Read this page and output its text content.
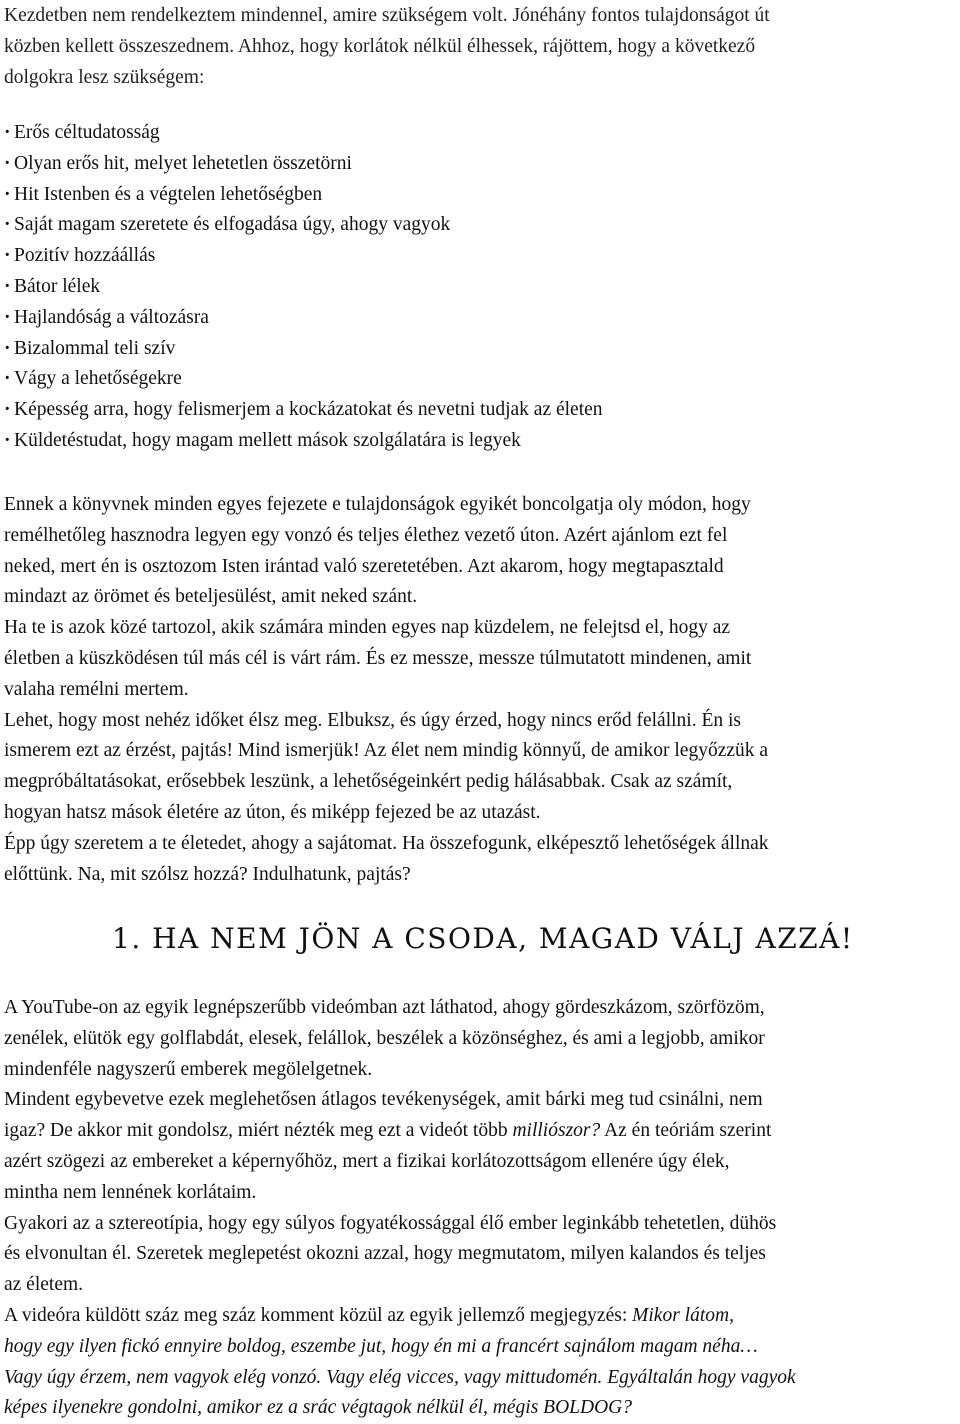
Kezdetben nem rendelkeztem mindennel, amire szükségem volt. Jónéhány fontos tulajdonságot út

közben kellett összeszednem. Ahhoz, hogy korlátok nélkül élhessek, rájöttem, hogy a következő

dolgokra lesz szükségem:

· Erős céltudatosság
· Olyan erős hit, melyet lehetetlen összetörni
· Hit Istenben és a végtelen lehetőségben
· Saját magam szeretete és elfogadása úgy, ahogy vagyok
· Pozitív hozzáállás
· Bátor lélek
· Hajlandóság a változásra
· Bizalommal teli szív
· Vágy a lehetőségekre
· Képesség arra, hogy felismerjem a kockázatokat és nevetni tudjak az életen
· Küldetéstudat, hogy magam mellett mások szolgálatára is legyek

Ennek a könyvnek minden egyes fejezete e tulajdonságok egyikét boncolgatja oly módon, hogy

remélhetőleg hasznodra legyen egy vonzó és teljes élethez vezető úton. Azért ajánlom ezt fel

neked, mert én is osztozom Isten irántad való szeretetében. Azt akarom, hogy megtapasztald

mindazt az örömet és beteljesülést, amit neked szánt.

Ha te is azok közé tartozol, akik számára minden egyes nap küzdelem, ne felejtsd el, hogy az

életben a küszködésen túl más cél is várt rám. És ez messze, messze túlmutatott mindenen, amit

valaha remélni mertem.

Lehet, hogy most nehéz időket élsz meg. Elbuksz, és úgy érzed, hogy nincs erőd felállni. Én is

ismerem ezt az érzést, pajtás! Mind ismerjük! Az élet nem mindig könnyű, de amikor legyőzzük a

megpróbáltatásokat, erősebbek leszünk, a lehetőségeinkért pedig hálásabbak. Csak az számít,

hogyan hatsz mások életére az úton, és miképp fejezed be az utazást.

Épp úgy szeretem a te életedet, ahogy a sajátomat. Ha összefogunk, elképesztő lehetőségek állnak

előttünk. Na, mit szólsz hozzá? Indulhatunk, pajtás?

1. HA NEM JÖN A CSODA, MAGAD VÁLJ AZZÁ!

A YouTube-on az egyik legnépszerűbb videómban azt láthatod, ahogy gördeszkázom, szörfözöm,

zenélek, elütök egy golflabdát, elesek, felállok, beszélek a közönséghez, és ami a legjobb, amikor

mindenféle nagyszerű emberek megölelgetnek.

Mindent egybevetve ezek meglehetősen átlagos tevékenységek, amit bárki meg tud csinálni, nem

igaz? De akkor mit gondolsz, miért nézték meg ezt a videót több milliószor? Az én teóriám szerint

azért szögezi az embereket a képernyőhöz, mert a fizikai korlátozottságom ellenére úgy élek,

mintha nem lennének korlátaim.

Gyakori az a sztereotípia, hogy egy súlyos fogyatékossággal élő ember leginkább tehetetlen, dühös

és elvonultan él. Szeretek meglepetést okozni azzal, hogy megmutatom, milyen kalandos és teljes

az életem.

A videóra küldött száz meg száz komment közül az egyik jellemző megjegyzés: Mikor látom,

hogy egy ilyen fickó ennyire boldog, eszembe jut, hogy én mi a francért sajnálom magam néha…

Vagy úgy érzem, nem vagyok elég vonzó. Vagy elég vicces, vagy mittudomén. Egyáltalán hogy vagyok

képes ilyenekre gondolni, amikor ez a srác végtagok nélkül él, mégis BOLDOG?
